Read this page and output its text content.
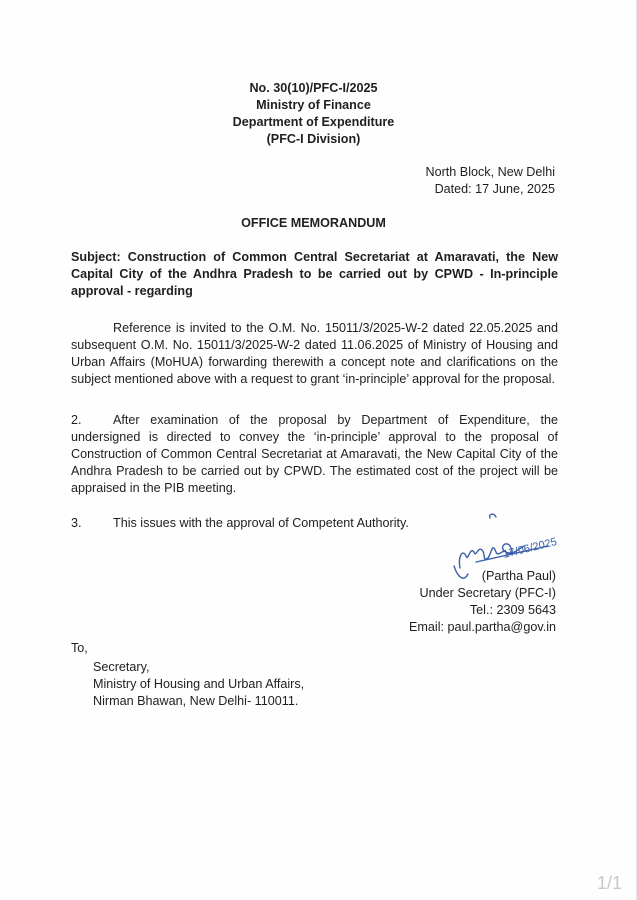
No. 30(10)/PFC-I/2025
Ministry of Finance
Department of Expenditure
(PFC-I Division)
North Block, New Delhi
Dated: 17 June, 2025
OFFICE MEMORANDUM
Subject: Construction of Common Central Secretariat at Amaravati, the New Capital City of the Andhra Pradesh to be carried out by CPWD - In-principle approval - regarding
Reference is invited to the O.M. No. 15011/3/2025-W-2 dated 22.05.2025 and subsequent O.M. No. 15011/3/2025-W-2 dated 11.06.2025 of Ministry of Housing and Urban Affairs (MoHUA) forwarding therewith a concept note and clarifications on the subject mentioned above with a request to grant ‘in-principle’ approval for the proposal.
2. After examination of the proposal by Department of Expenditure, the undersigned is directed to convey the ‘in-principle’ approval to the proposal of Construction of Common Central Secretariat at Amaravati, the New Capital City of the Andhra Pradesh to be carried out by CPWD. The estimated cost of the project will be appraised in the PIB meeting.
3. This issues with the approval of Competent Authority.
17/06/2025
(Partha Paul)
Under Secretary (PFC-I)
Tel.: 2309 5643
Email: paul.partha@gov.in
To,
Secretary,
Ministry of Housing and Urban Affairs,
Nirman Bhawan, New Delhi- 110011.
1/1
